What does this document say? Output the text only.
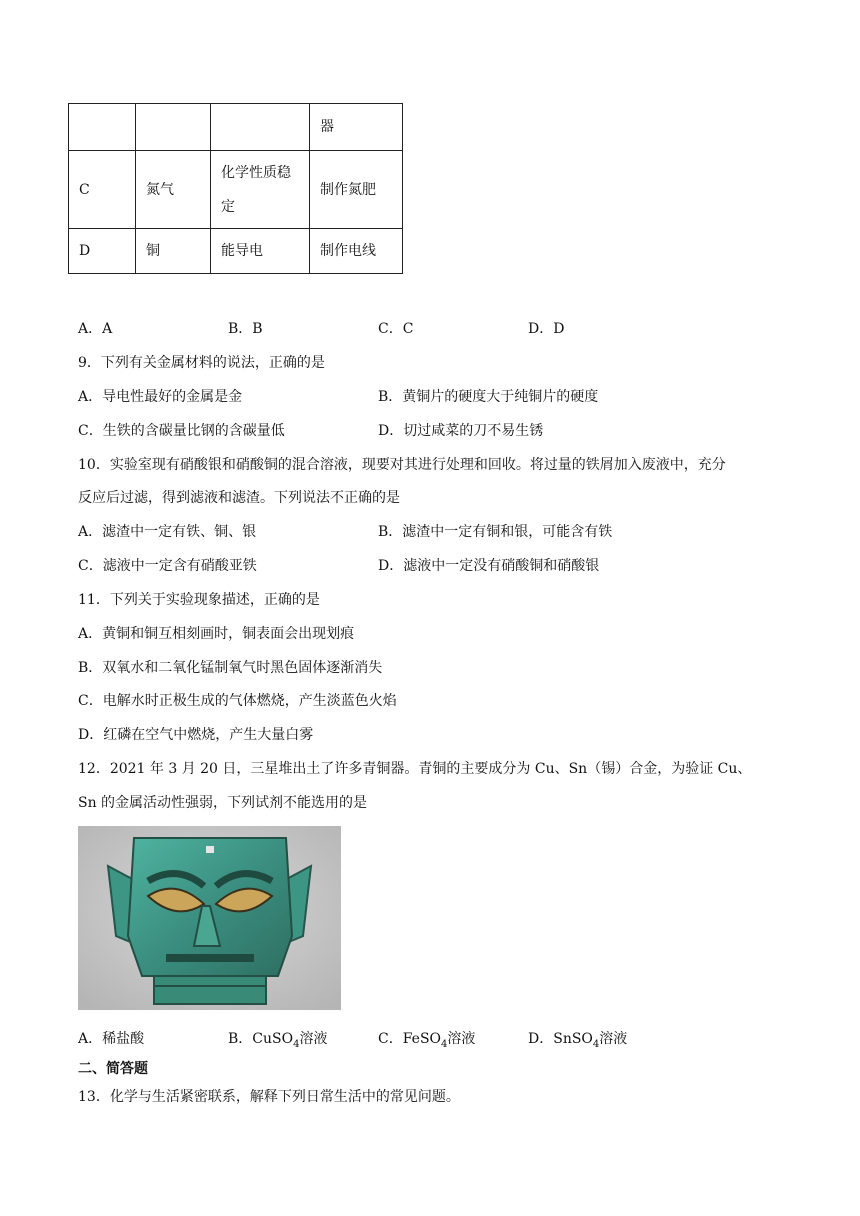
			器
C	氮气	化学性质稳定	制作氮肥
D	铜	能导电	制作电线
A．A	B．B	C．C	D．D
9．下列有关金属材料的说法，正确的是
A．导电性最好的金属是金	B．黄铜片的硬度大于纯铜片的硬度
C．生铁的含碳量比钢的含碳量低	D．切过咸菜的刀不易生锈
10．实验室现有硝酸银和硝酸铜的混合溶液，现要对其进行处理和回收。将过量的铁屑加入废液中，充分
反应后过滤，得到滤液和滤渣。下列说法不正确的是
A．滤渣中一定有铁、铜、银	B．滤渣中一定有铜和银，可能含有铁
C．滤液中一定含有硝酸亚铁	D．滤液中一定没有硝酸铜和硝酸银
11．下列关于实验现象描述，正确的是
A．黄铜和铜互相刻画时，铜表面会出现划痕
B．双氧水和二氧化锰制氧气时黑色固体逐渐消失
C．电解水时正极生成的气体燃烧，产生淡蓝色火焰
D．红磷在空气中燃烧，产生大量白雾
12．2021 年 3 月 20 日，三星堆出土了许多青铜器。青铜的主要成分为 Cu、Sn（锡）合金，为验证 Cu、
Sn 的金属活动性强弱，下列试剂不能选用的是
A．稀盐酸	B．CuSO$_4$溶液	C．FeSO$_4$溶液	D．SnSO$_4$溶液
二、简答题
13．化学与生活紧密联系，解释下列日常生活中的常见问题。
